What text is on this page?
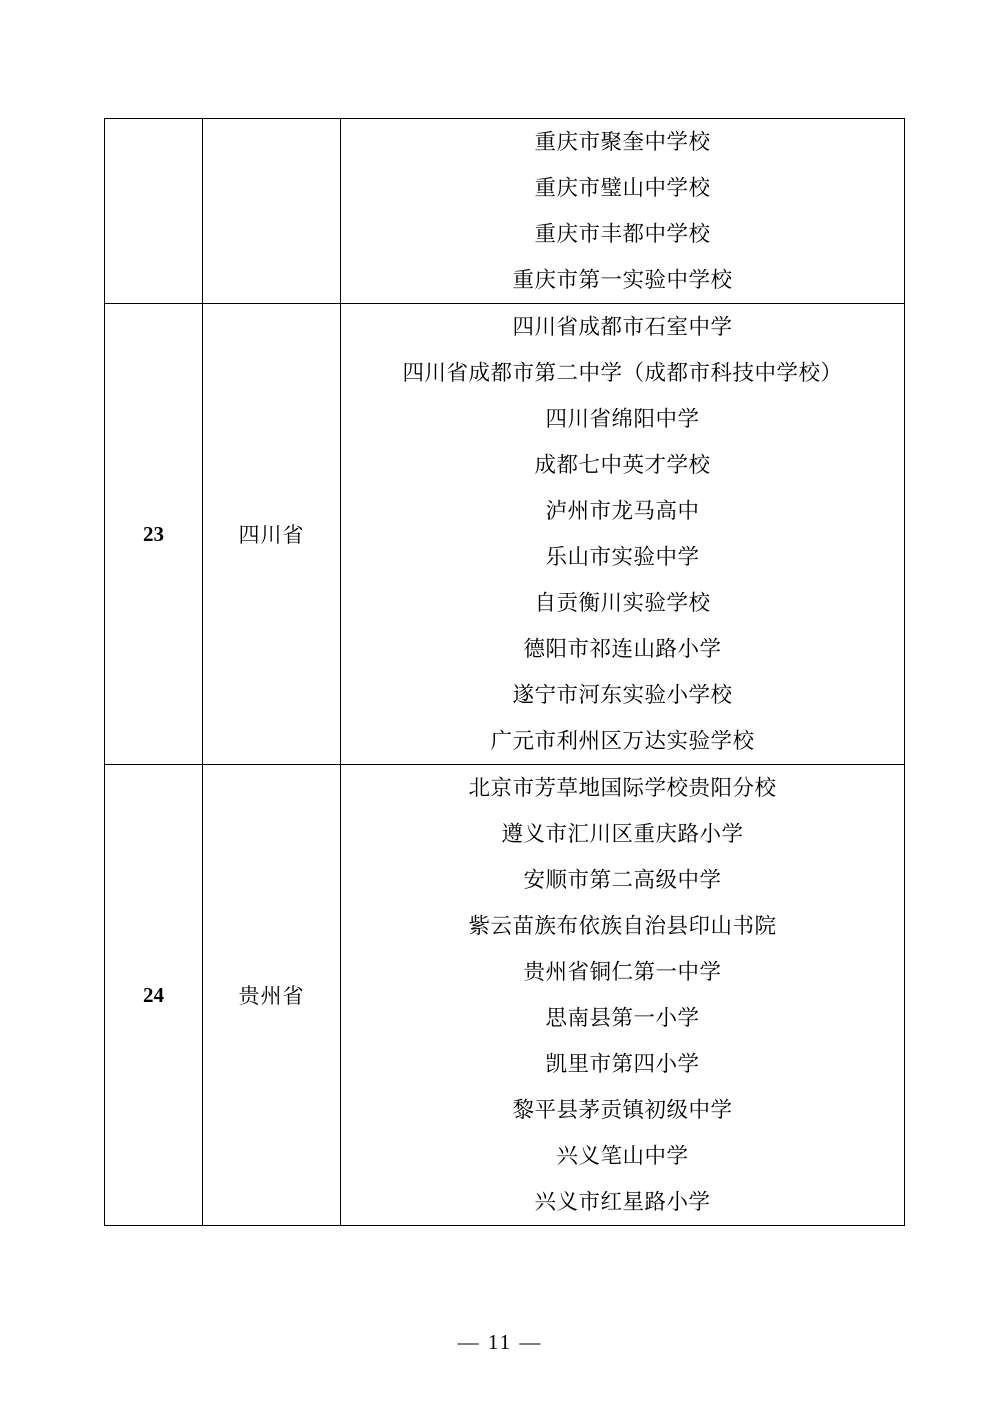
		重庆市聚奎中学校
重庆市璧山中学校
重庆市丰都中学校
重庆市第一实验中学校

23	四川省	
四川省成都市石室中学
四川省成都市第二中学（成都市科技中学校）
四川省绵阳中学
成都七中英才学校
泸州市龙马高中
乐山市实验中学
自贡衡川实验学校
德阳市祁连山路小学
遂宁市河东实验小学校
广元市利州区万达实验学校

24	贵州省	
北京市芳草地国际学校贵阳分校
遵义市汇川区重庆路小学
安顺市第二高级中学
紫云苗族布依族自治县印山书院
贵州省铜仁第一中学
思南县第一小学
凯里市第四小学
黎平县茅贡镇初级中学
兴义笔山中学
兴义市红星路小学
— 11 —
